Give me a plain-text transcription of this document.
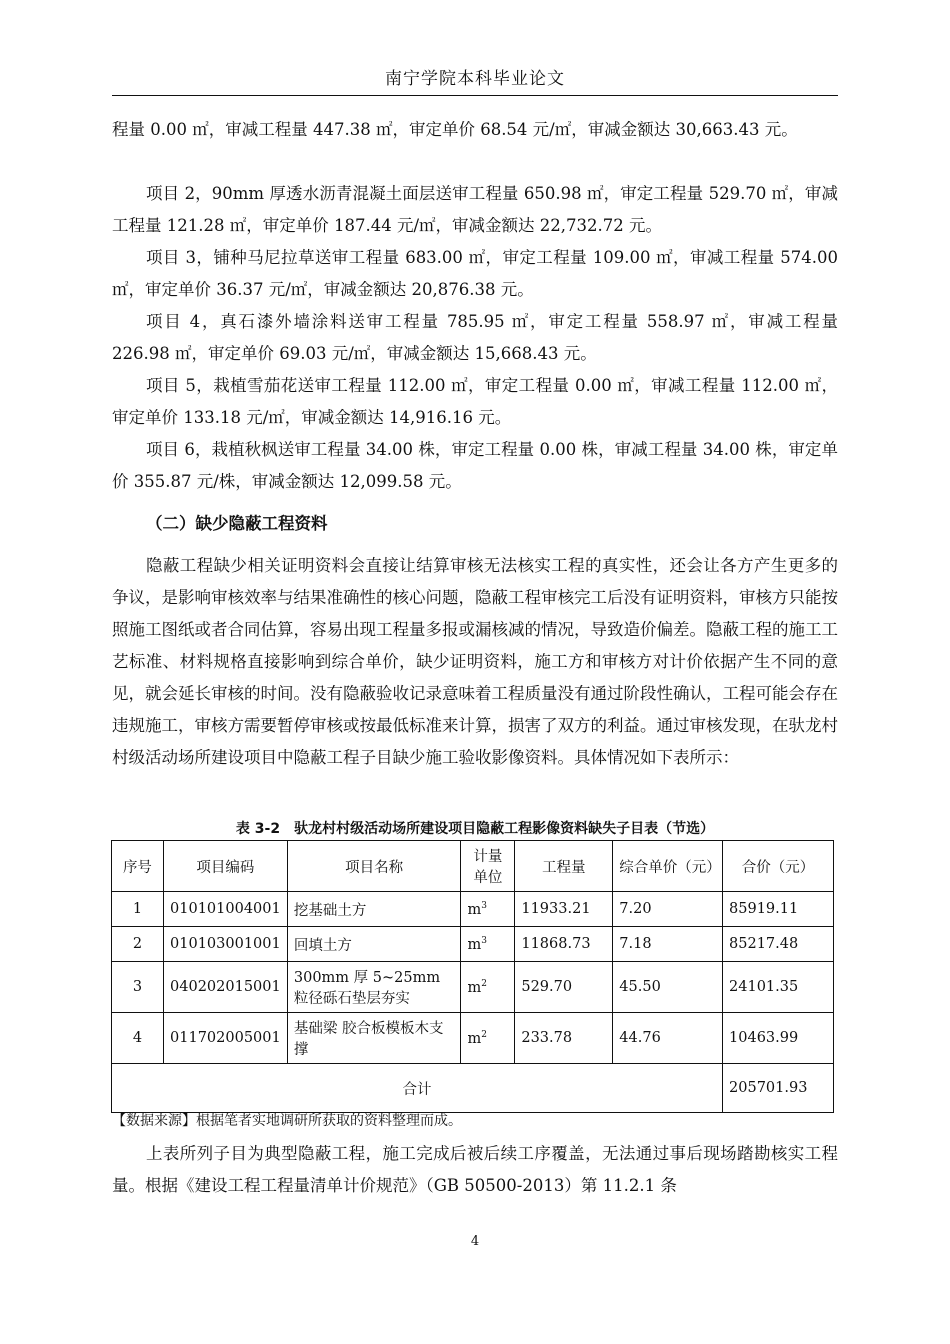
南宁学院本科毕业论文
程量 0.00 ㎡，审减工程量 447.38 ㎡，审定单价 68.54 元/㎡，审减金额达 30,663.43 元。
项目 2，90mm 厚透水沥青混凝土面层送审工程量 650.98 ㎡，审定工程量 529.70 ㎡，审减工程量 121.28 ㎡，审定单价 187.44 元/㎡，审减金额达 22,732.72 元。
项目 3，铺种马尼拉草送审工程量 683.00 ㎡，审定工程量 109.00 ㎡，审减工程量 574.00 ㎡，审定单价 36.37 元/㎡，审减金额达 20,876.38 元。
项目 4，真石漆外墙涂料送审工程量 785.95 ㎡，审定工程量 558.97 ㎡，审减工程量 226.98 ㎡，审定单价 69.03 元/㎡，审减金额达 15,668.43 元。
项目 5，栽植雪茄花送审工程量 112.00 ㎡，审定工程量 0.00 ㎡，审减工程量 112.00 ㎡，审定单价 133.18 元/㎡，审减金额达 14,916.16 元。
项目 6，栽植秋枫送审工程量 34.00 株，审定工程量 0.00 株，审减工程量 34.00 株，审定单价 355.87 元/株，审减金额达 12,099.58 元。
（二）缺少隐蔽工程资料
隐蔽工程缺少相关证明资料会直接让结算审核无法核实工程的真实性，还会让各方产生更多的争议，是影响审核效率与结果准确性的核心问题，隐蔽工程审核完工后没有证明资料，审核方只能按照施工图纸或者合同估算，容易出现工程量多报或漏核减的情况，导致造价偏差。隐蔽工程的施工工艺标准、材料规格直接影响到综合单价，缺少证明资料，施工方和审核方对计价依据产生不同的意见，就会延长审核的时间。没有隐蔽验收记录意味着工程质量没有通过阶段性确认，工程可能会存在违规施工，审核方需要暂停审核或按最低标准来计算，损害了双方的利益。通过审核发现，在驮龙村村级活动场所建设项目中隐蔽工程子目缺少施工验收影像资料。具体情况如下表所示：
表 3-2　驮龙村村级活动场所建设项目隐蔽工程影像资料缺失子目表（节选）
序号	项目编码	项目名称	计量单位	工程量	综合单价（元）	合价（元）
1	010101004001	挖基础土方	$m^3$	11933.21	7.20	85919.11
2	010103001001	回填土方	$m^3$	11868.73	7.18	85217.48
3	040202015001	300mm 厚 5~25mm 粒径砾石垫层夯实	$m^2$	529.70	45.50	24101.35
4	011702005001	基础梁 胶合板模板木支撑	$m^2$	233.78	44.76	10463.99
合计						205701.93
【数据来源】根据笔者实地调研所获取的资料整理而成。
上表所列子目为典型隐蔽工程，施工完成后被后续工序覆盖，无法通过事后现场踏勘核实工程量。根据《建设工程工程量清单计价规范》（GB 50500-2013）第 11.2.1 条
4
